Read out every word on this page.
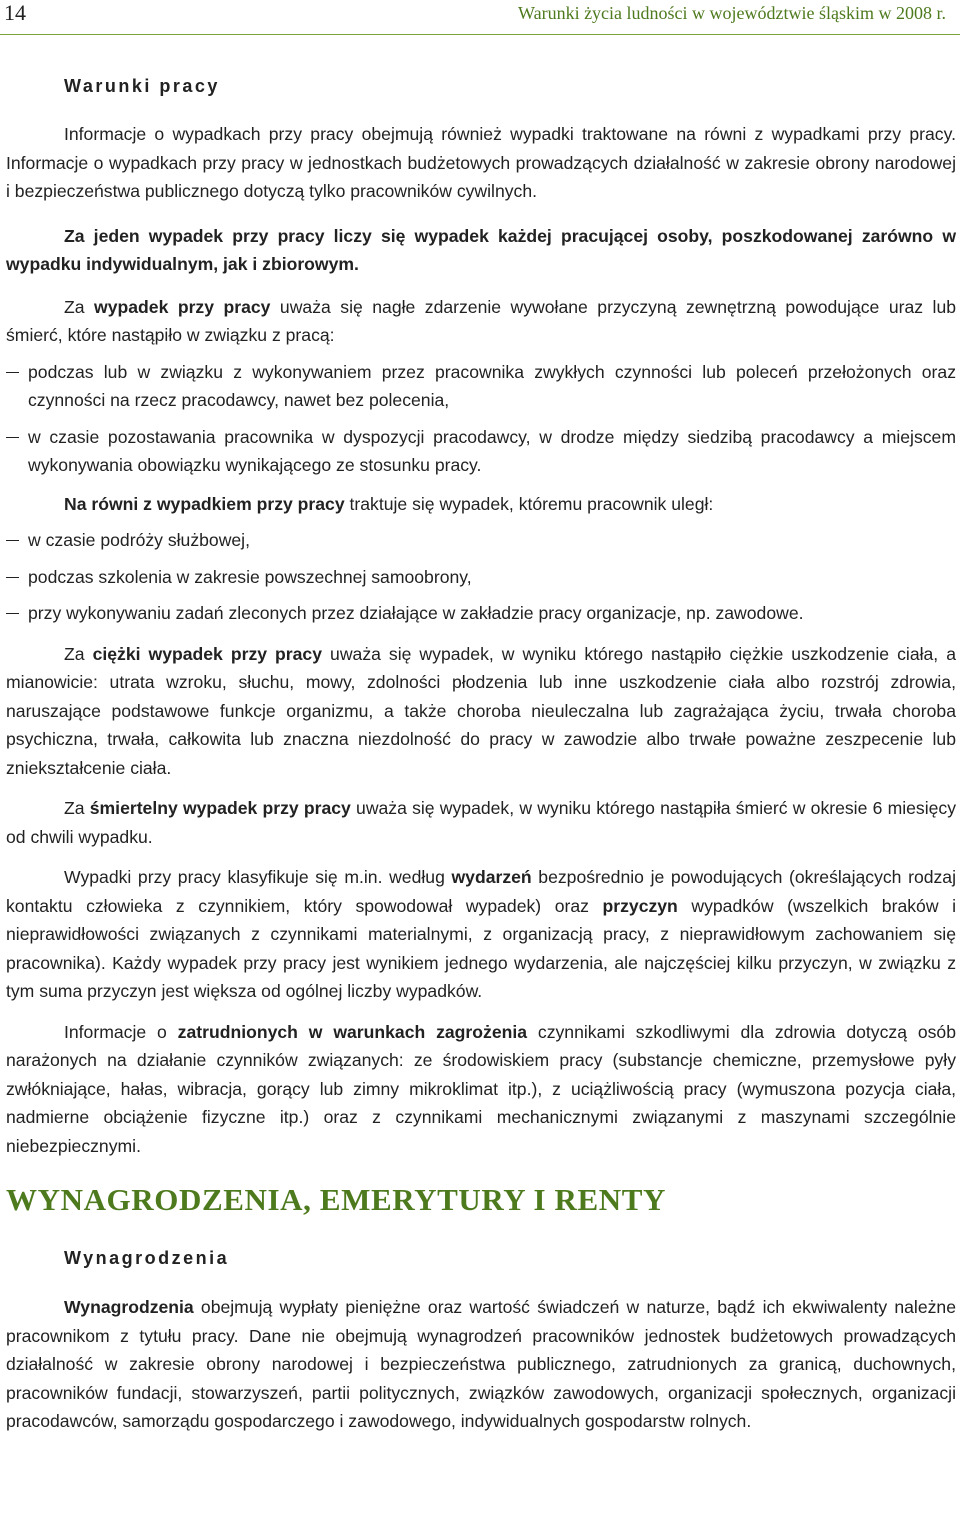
14	Warunki życia ludności w województwie śląskim w 2008 r.
Warunki pracy

Informacje o wypadkach przy pracy obejmują również wypadki traktowane na równi z wypadkami przy pracy. Informacje o wypadkach przy pracy w jednostkach budżetowych prowadzących działalność w zakresie obrony narodowej i bezpieczeństwa publicznego dotyczą tylko pracowników cywilnych.

Za jeden wypadek przy pracy liczy się wypadek każdej pracującej osoby, poszkodowanej zarówno w wypadku indywidualnym, jak i zbiorowym.

Za wypadek przy pracy uważa się nagłe zdarzenie wywołane przyczyną zewnętrzną powodujące uraz lub śmierć, które nastąpiło w związku z pracą:

podczas lub w związku z wykonywaniem przez pracownika zwykłych czynności lub poleceń przełożonych oraz czynności na rzecz pracodawcy, nawet bez polecenia,

w czasie pozostawania pracownika w dyspozycji pracodawcy, w drodze między siedzibą pracodawcy a miejscem wykonywania obowiązku wynikającego ze stosunku pracy.

Na równi z wypadkiem przy pracy traktuje się wypadek, któremu pracownik uległ:

w czasie podróży służbowej,

podczas szkolenia w zakresie powszechnej samoobrony,

przy wykonywaniu zadań zleconych przez działające w zakładzie pracy organizacje, np. zawodowe.

Za ciężki wypadek przy pracy uważa się wypadek, w wyniku którego nastąpiło ciężkie uszkodzenie ciała, a mianowicie: utrata wzroku, słuchu, mowy, zdolności płodzenia lub inne uszkodzenie ciała albo rozstrój zdrowia, naruszające podstawowe funkcje organizmu, a także choroba nieuleczalna lub zagrażająca życiu, trwała choroba psychiczna, trwała, całkowita lub znaczna niezdolność do pracy w zawodzie albo trwałe poważne zeszpecenie lub zniekształcenie ciała.

Za śmiertelny wypadek przy pracy uważa się wypadek, w wyniku którego nastąpiła śmierć w okresie 6 miesięcy od chwili wypadku.

Wypadki przy pracy klasyfikuje się m.in. według wydarzeń bezpośrednio je powodujących (określających rodzaj kontaktu człowieka z czynnikiem, który spowodował wypadek) oraz przyczyn wypadków (wszelkich braków i nieprawidłowości związanych z czynnikami materialnymi, z organizacją pracy, z nieprawidłowym zachowaniem się pracownika). Każdy wypadek przy pracy jest wynikiem jednego wydarzenia, ale najczęściej kilku przyczyn, w związku z tym suma przyczyn jest większa od ogólnej liczby wypadków.

Informacje o zatrudnionych w warunkach zagrożenia czynnikami szkodliwymi dla zdrowia dotyczą osób narażonych na działanie czynników związanych: ze środowiskiem pracy (substancje chemiczne, przemysłowe pyły zwłókniające, hałas, wibracja, gorący lub zimny mikroklimat itp.), z uciążliwością pracy (wymuszona pozycja ciała, nadmierne obciążenie fizyczne itp.) oraz z czynnikami mechanicznymi związanymi z maszynami szczególnie niebezpiecznymi.

WYNAGRODZENIA, EMERYTURY I RENTY
Wynagrodzenia

Wynagrodzenia obejmują wypłaty pieniężne oraz wartość świadczeń w naturze, bądź ich ekwiwalenty należne pracownikom z tytułu pracy. Dane nie obejmują wynagrodzeń pracowników jednostek budżetowych prowadzących działalność w zakresie obrony narodowej i bezpieczeństwa publicznego, zatrudnionych za granicą, duchownych, pracowników fundacji, stowarzyszeń, partii politycznych, związków zawodowych, organizacji społecznych, organizacji pracodawców, samorządu gospodarczego i zawodowego, indywidualnych gospodarstw rolnych.
